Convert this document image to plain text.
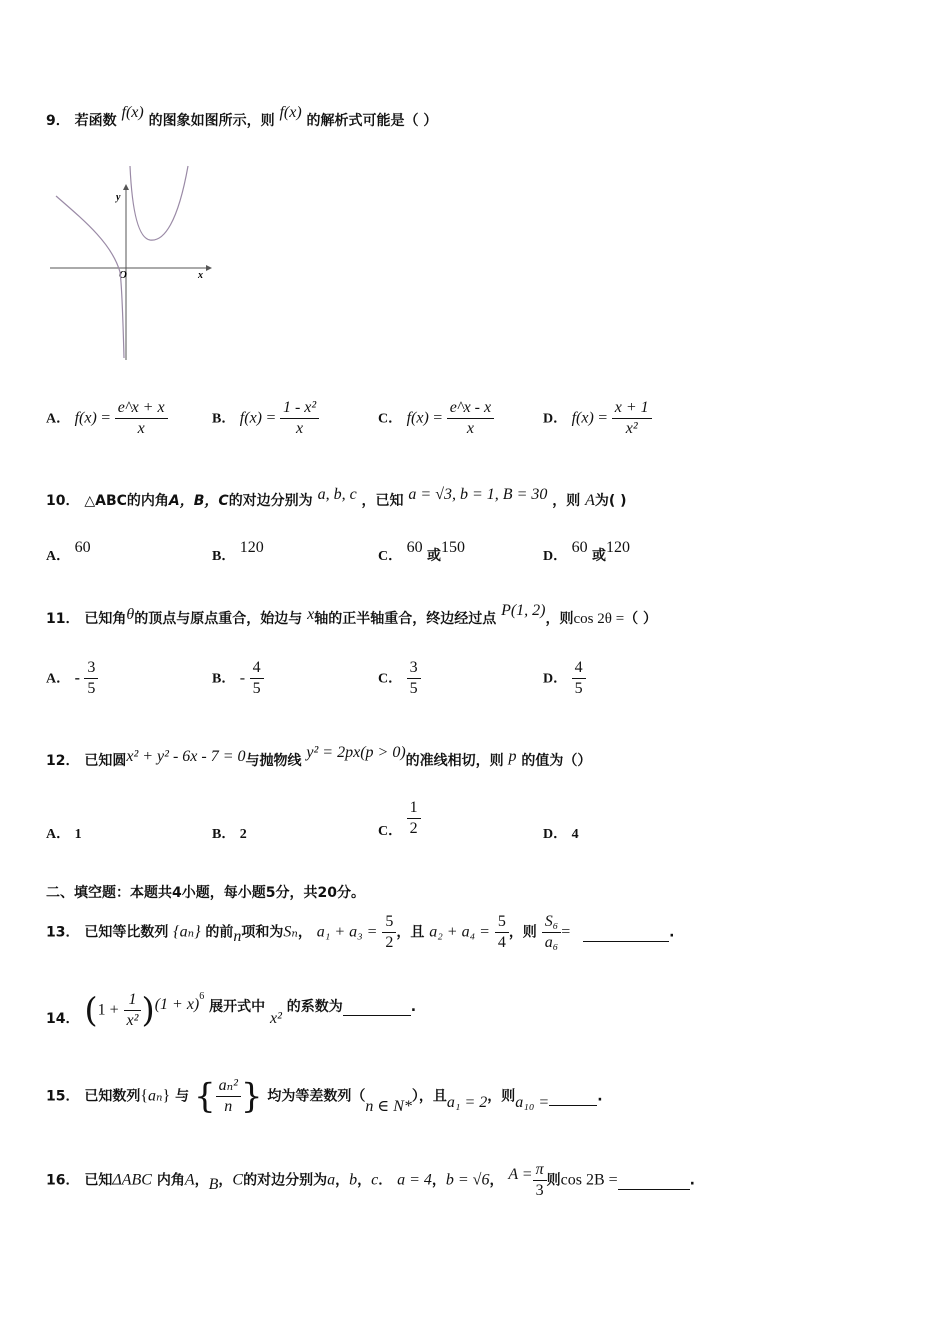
9． 若函数 f(x) 的图象如图所示，则 f(x) 的解析式可能是（ ）
y
x
O
A． $f(x) = \frac{e\^{}x + x}{x}$	B． $f(x) = \frac{\text{1 - x²}}{x}$	C． $f(x) = \frac{e\^{}x - x}{x}$	D． $f(x) = \frac{x + 1}{\text{x²}}$
10． △ABC的内角A，B，C的对边分别为 a, b, c ，已知 a = √3, b = 1, B = 30 ，则 A为( )
A． 60
B． 120
C． 60 或150
D． 60 或120
11． 已知角θ的顶点与原点重合，始边与 x轴的正半轴重合，终边经过点 P(1, 2)，则cos 2θ =（ ）
A． - $\frac{3}{5}$	B． - $\frac{4}{5}$	C． $\frac{3}{5}$	D． $\frac{4}{5}$
12． 已知圆x² + y² - 6x - 7 = 0与抛物线 y² = 2px(p > 0)的准线相切，则 p 的值为（）
A． 1	B． 2	C． $\frac{1}{2}$	D． 4
二、填空题：本题共4小题，每小题5分，共20分。
13． 已知等比数列 {aₙ} 的前n项和为Sₙ， $a_1 + a_3 = \frac{5}{2}$ ，且 $a_2 + a_4 = \frac{5}{4}$ ，则 $\frac{\text{S₆}}{\text{a₆}}$ =	.
14． $(1 + \frac{1}{\text{x²}} )(1 + x)^6$ 展开式中 x² 的系数为	.
15． 已知数列{aₙ} 与 { $\frac{\text{aₙ²}}{n}$ } 均为等差数列（n ∈ N*），且a₁ = 2，则a₁₀ =	.
16． 已知ΔABC 内角A，B，C的对边分别为a，b，c． a = 4，b = √6， $A = \frac{\pi}{3}$ 则cos 2B =	.
